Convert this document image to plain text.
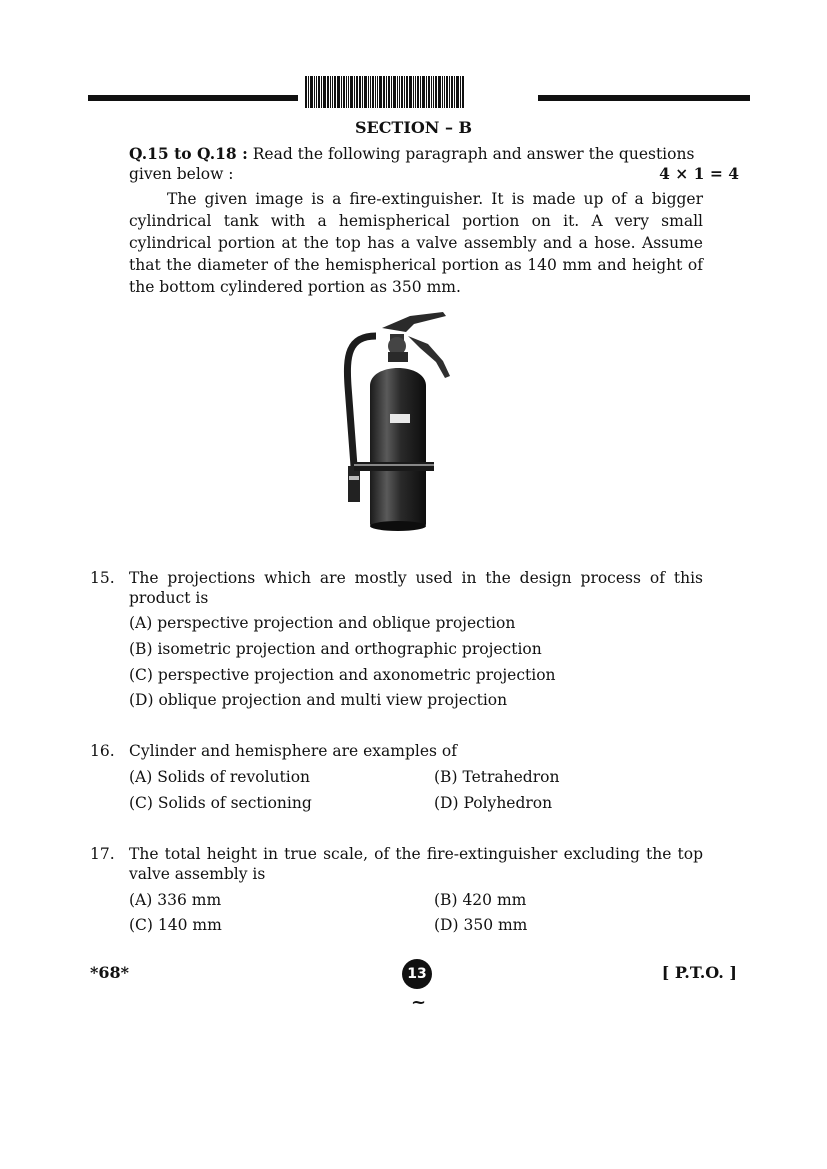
SECTION – B
Q.15 to Q.18 : Read the following paragraph and answer the questions given below :	4 × 1 = 4
The given image is a fire-extinguisher. It is made up of a bigger cylindrical tank with a hemispherical portion on it. A very small cylindrical portion at the top has a valve assembly and a hose. Assume that the diameter of the hemispherical portion as 140 mm and height of the bottom cylindered portion as 350 mm.
15. The projections which are mostly used in the design process of this product is
(A) perspective projection and oblique projection
(B) isometric projection and orthographic projection
(C) perspective projection and axonometric projection
(D) oblique projection and multi view projection
16. Cylinder and hemisphere are examples of
(A) Solids of revolution	(B) Tetrahedron
(C) Solids of sectioning	(D) Polyhedron
17. The total height in true scale, of the fire-extinguisher excluding the top valve assembly is
(A) 336 mm	(B) 420 mm
(C) 140 mm	(D) 350 mm
*68*	13	[ P.T.O. ]
~
